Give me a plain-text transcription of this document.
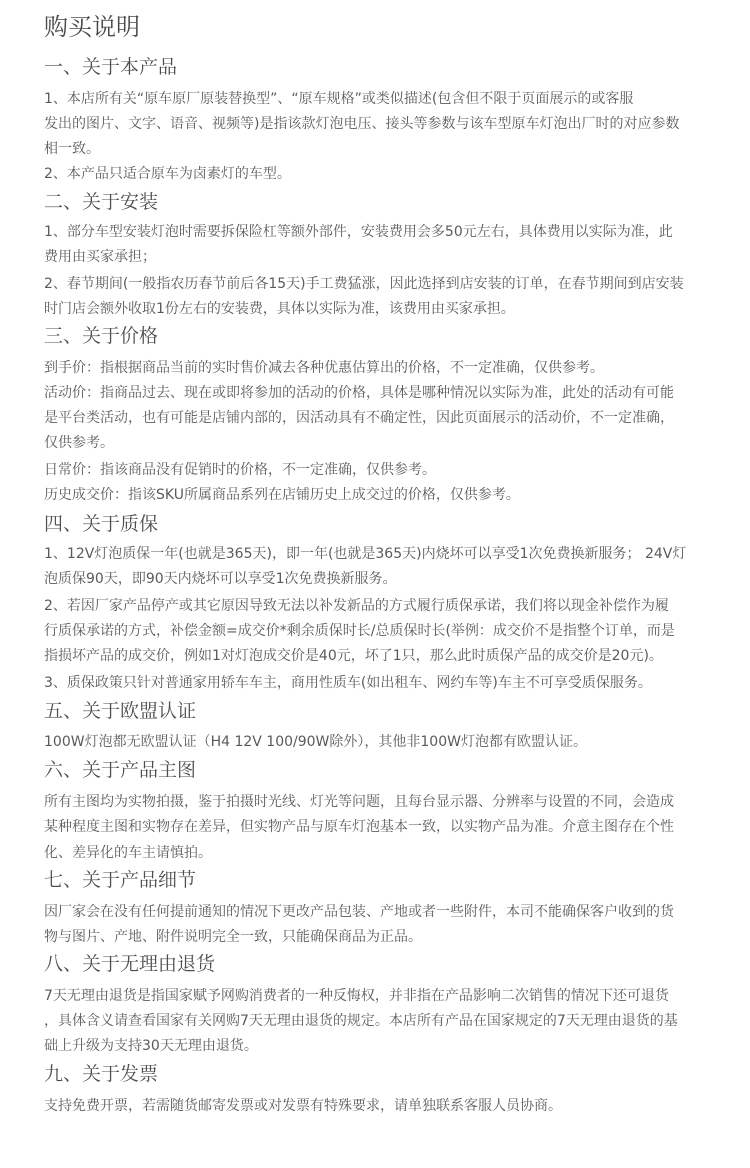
购买说明
一、关于本产品

1、本店所有关“原车原厂原装替换型”、“原车规格”或类似描述(包含但不限于页面展示的或客服

发出的图片、文字、语音、视频等)是指该款灯泡电压、接头等参数与该车型原车灯泡出厂时的对应参数

相一致。

2、本产品只适合原车为卤素灯的车型。

二、关于安装

1、部分车型安装灯泡时需要拆保险杠等额外部件，安装费用会多50元左右，具体费用以实际为准，此

费用由买家承担；

2、春节期间(一般指农历春节前后各15天)手工费猛涨，因此选择到店安装的订单，在春节期间到店安装

时门店会额外收取1份左右的安装费，具体以实际为准，该费用由买家承担。

三、关于价格

到手价：指根据商品当前的实时售价减去各种优惠估算出的价格，不一定准确，仅供参考。

活动价：指商品过去、现在或即将参加的活动的价格，具体是哪种情况以实际为准，此处的活动有可能

是平台类活动，也有可能是店铺内部的，因活动具有不确定性，因此页面展示的活动价，不一定准确，

仅供参考。

日常价：指该商品没有促销时的价格，不一定准确，仅供参考。

历史成交价：指该SKU所属商品系列在店铺历史上成交过的价格，仅供参考。

四、关于质保

1、12V灯泡质保一年(也就是365天)，即一年(也就是365天)内烧坏可以享受1次免费换新服务； 24V灯

泡质保90天，即90天内烧坏可以享受1次免费换新服务。

2、若因厂家产品停产或其它原因导致无法以补发新品的方式履行质保承诺，我们将以现金补偿作为履

行质保承诺的方式，补偿金额=成交价*剩余质保时长/总质保时长(举例：成交价不是指整个订单，而是

指损坏产品的成交价，例如1对灯泡成交价是40元，坏了1只，那么此时质保产品的成交价是20元)。

3、质保政策只针对普通家用轿车车主，商用性质车(如出租车、网约车等)车主不可享受质保服务。

五、关于欧盟认证

100W灯泡都无欧盟认证（H4 12V 100/90W除外），其他非100W灯泡都有欧盟认证。

六、关于产品主图

所有主图均为实物拍摄，鉴于拍摄时光线、灯光等问题，且每台显示器、分辨率与设置的不同，会造成

某种程度主图和实物存在差异，但实物产品与原车灯泡基本一致，以实物产品为准。介意主图存在个性

化、差异化的车主请慎拍。

七、关于产品细节

因厂家会在没有任何提前通知的情况下更改产品包装、产地或者一些附件，本司不能确保客户收到的货

物与图片、产地、附件说明完全一致，只能确保商品为正品。

八、关于无理由退货

7天无理由退货是指国家赋予网购消费者的一种反悔权，并非指在产品影响二次销售的情况下还可退货

，具体含义请查看国家有关网购7天无理由退货的规定。本店所有产品在国家规定的7天无理由退货的基

础上升级为支持30天无理由退货。

九、关于发票

支持免费开票，若需随货邮寄发票或对发票有特殊要求，请单独联系客服人员协商。
